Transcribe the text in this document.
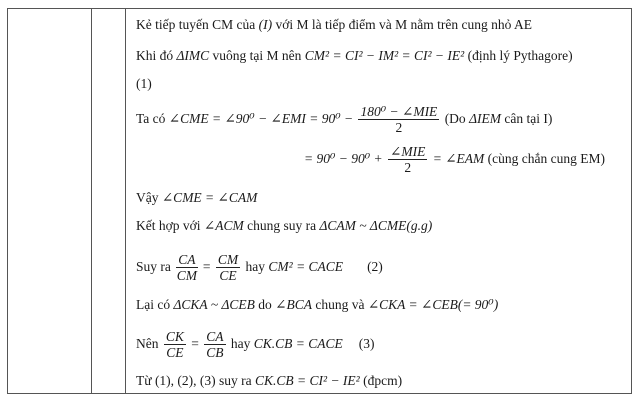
Kẻ tiếp tuyến CM của (I) với M là tiếp điểm và M nằm trên cung nhỏ AE
Khi đó ΔIMC vuông tại M nên CM² = CI² − IM² = CI² − IE² (định lý Pythagore)
(1)
Ta có ∠CME = ∠90⁰ − ∠EMI = $90^0 - \frac{\text{180⁰ − ∠MIE}}{2} (Do$ ΔIEM cân tại I)
= $90^0 - 90^0 + \frac{\text{∠MIE}}{2}$ = ∠EAM (cùng chắn cung EM)
Vậy ∠CME = ∠CAM
Kết hợp với ∠ACM chung suy ra ΔCAM ~ ΔCME(g.g)
Suy ra $\frac{CA}{CM} = \frac{CM}{CE}$ hay CM² = CACE (2)
Lại có ΔCKA ~ ΔCEB do ∠BCA chung và ∠CKA = ∠CEB(= 90⁰)
Nên $\frac{CK}{CE} = \frac{CA}{CB}$ hay CK.CB = CACE (3)
Từ (1), (2), (3) suy ra CK.CB = CI² − IE² (đpcm)
